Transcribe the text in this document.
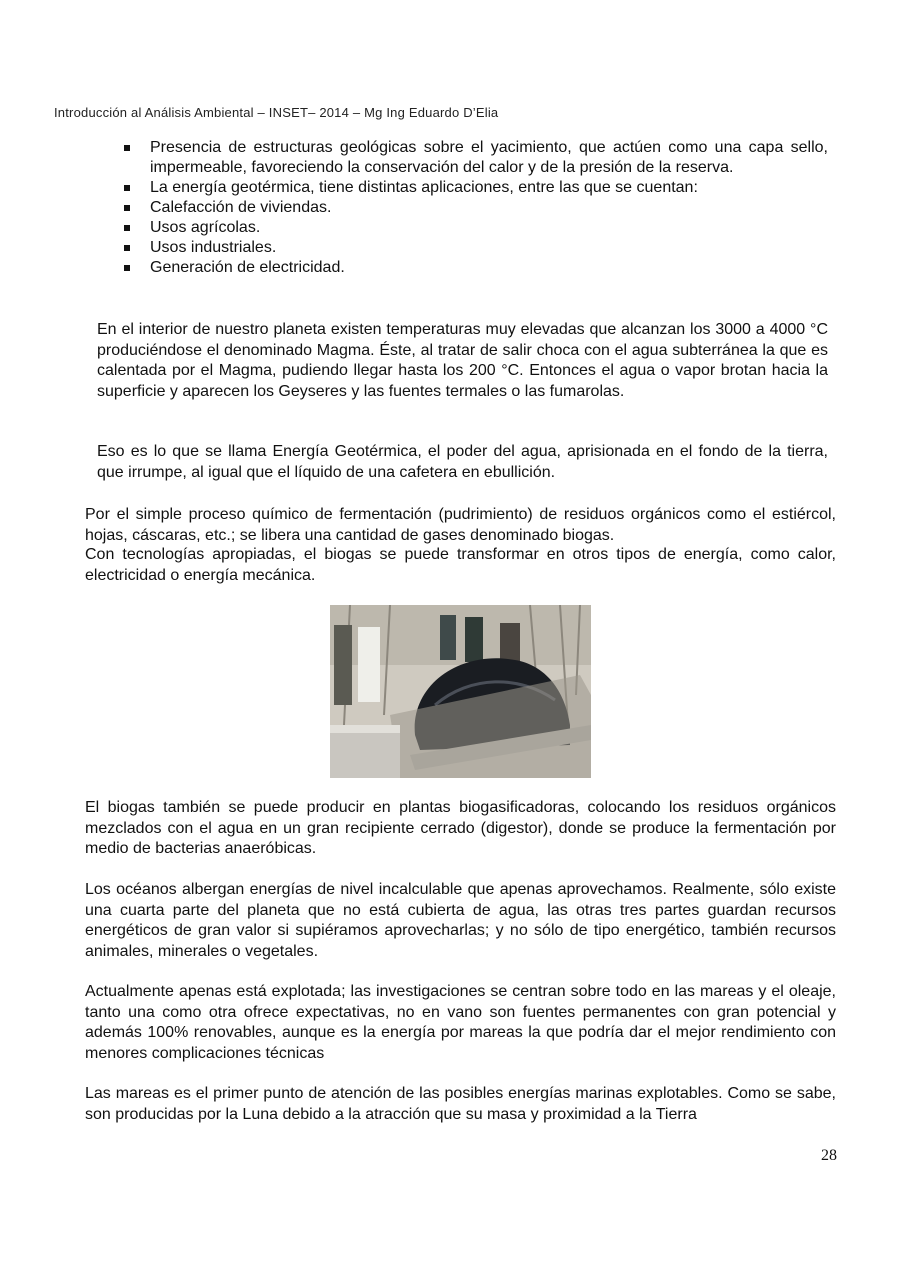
Introducción al Análisis Ambiental – INSET– 2014 – Mg Ing Eduardo D’Elia
Presencia de estructuras geológicas sobre el yacimiento, que actúen como una capa sello, impermeable, favoreciendo la conservación del calor y de la presión de la reserva.
La energía geotérmica, tiene distintas aplicaciones, entre las que se cuentan:
Calefacción de viviendas.
Usos agrícolas.
Usos industriales.
Generación de electricidad.

En el interior de nuestro planeta existen temperaturas muy elevadas que alcanzan los 3000 a 4000 °C produciéndose el denominado Magma. Éste, al tratar de salir choca con el agua subterránea la que es calentada por el Magma, pudiendo llegar hasta los 200 °C. Entonces el agua o vapor brotan hacia la superficie y aparecen los Geyseres y las fuentes termales o las fumarolas.

Eso es lo que se llama Energía Geotérmica, el poder del agua, aprisionada en el fondo de la tierra, que irrumpe, al igual que el líquido de una cafetera en ebullición.

Por el simple proceso químico de fermentación (pudrimiento) de residuos orgánicos como el estiércol, hojas, cáscaras, etc.; se libera una cantidad de gases denominado biogas.

Con tecnologías apropiadas, el biogas se puede transformar en otros tipos de energía, como calor, electricidad o energía mecánica.

El biogas también se puede producir en plantas biogasificadoras, colocando los residuos orgánicos mezclados con el agua en un gran recipiente cerrado (digestor), donde se produce la fermentación por medio de bacterias anaeróbicas.

Los océanos albergan energías de nivel incalculable que apenas aprovechamos. Realmente, sólo existe una cuarta parte del planeta que no está cubierta de agua, las otras tres partes guardan recursos energéticos de gran valor si supiéramos aprovecharlas; y no sólo de tipo energético, también recursos animales, minerales o vegetales.

Actualmente apenas está explotada; las investigaciones se centran sobre todo en las mareas y el oleaje, tanto una como otra ofrece expectativas, no en vano son fuentes permanentes con gran potencial y además 100% renovables, aunque es la energía por mareas la que podría dar el mejor rendimiento con menores complicaciones técnicas

Las mareas es el primer punto de atención de las posibles energías marinas explotables. Como se sabe, son producidas por la Luna debido a la atracción que su masa y proximidad a la Tierra

28
